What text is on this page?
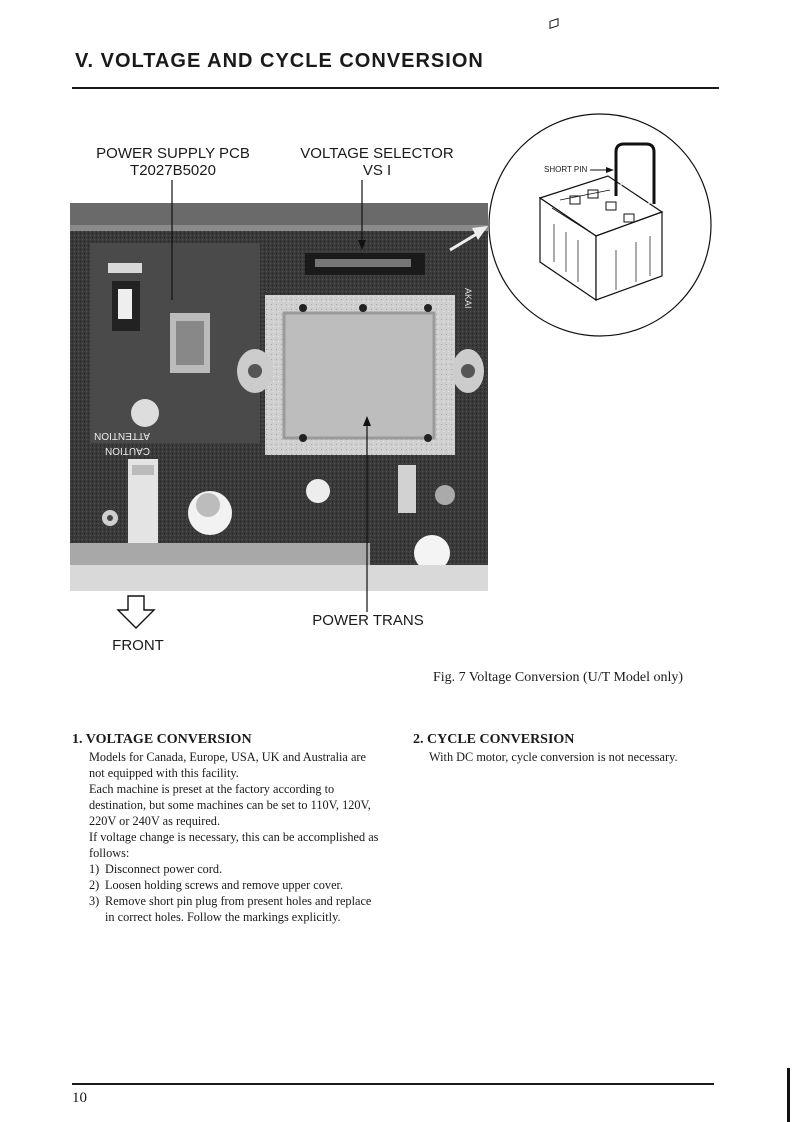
V. VOLTAGE AND CYCLE CONVERSION
POWER SUPPLY PCB
T2027B5020
VOLTAGE SELECTOR
VS I
CAUTION
ATTENTION
AKAI
SHORT PIN
POWER TRANS
FRONT
Fig. 7 Voltage Conversion (U/T Model only)
1. VOLTAGE CONVERSION
Models for Canada, Europe, USA, UK and Australia are not equipped with this facility.
Each machine is preset at the factory according to destination, but some machines can be set to 110V, 120V, 220V or 240V as required.
If voltage change is necessary, this can be accomplished as follows:
1) Disconnect power cord.
2) Loosen holding screws and remove upper cover.
3) Remove short pin plug from present holes and replace in correct holes. Follow the markings explicitly.
2. CYCLE CONVERSION
With DC motor, cycle conversion is not necessary.
10
